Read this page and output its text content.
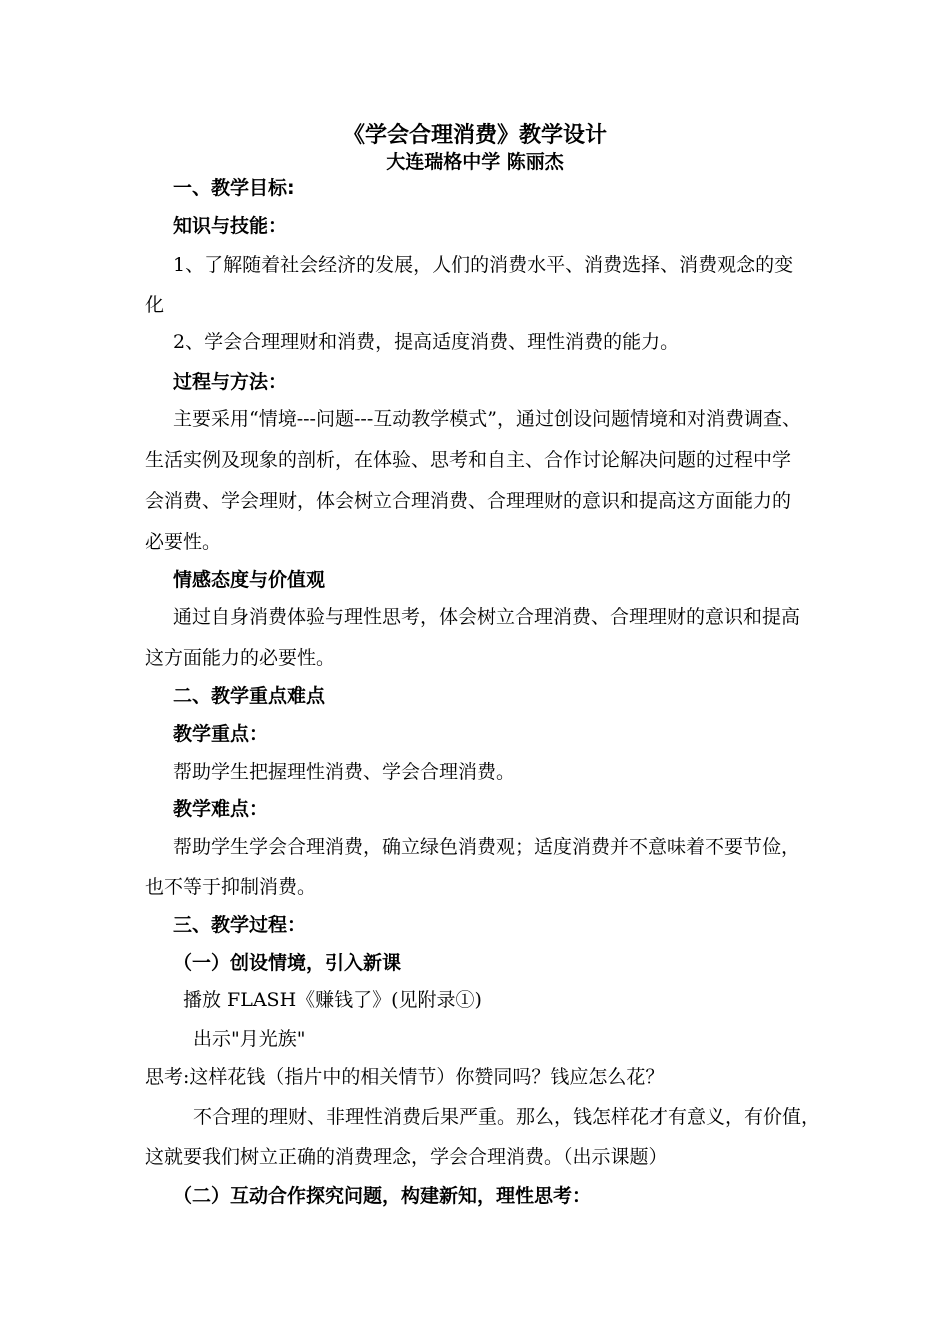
《学会合理消费》教学设计
大连瑞格中学 陈丽杰
一、教学目标:
知识与技能：
1、了解随着社会经济的发展，人们的消费水平、消费选择、消费观念的变
化
2、学会合理理财和消费，提高适度消费、理性消费的能力。
过程与方法：
主要采用“情境---问题---互动教学模式”，通过创设问题情境和对消费调查、
生活实例及现象的剖析，在体验、思考和自主、合作讨论解决问题的过程中学
会消费、学会理财，体会树立合理消费、合理理财的意识和提高这方面能力的
必要性。
情感态度与价值观
通过自身消费体验与理性思考，体会树立合理消费、合理理财的意识和提高
这方面能力的必要性。
二、教学重点难点
教学重点：
帮助学生把握理性消费、学会合理消费。
教学难点：
帮助学生学会合理消费，确立绿色消费观；适度消费并不意味着不要节俭，
也不等于抑制消费。
三、教学过程：
（一）创设情境，引入新课
播放 FLASH《赚钱了》(见附录①)
出示"月光族"
思考:这样花钱（指片中的相关情节）你赞同吗？钱应怎么花？
不合理的理财、非理性消费后果严重。那么，钱怎样花才有意义，有价值，
这就要我们树立正确的消费理念，学会合理消费。（出示课题）
（二）互动合作探究问题，构建新知，理性思考：
